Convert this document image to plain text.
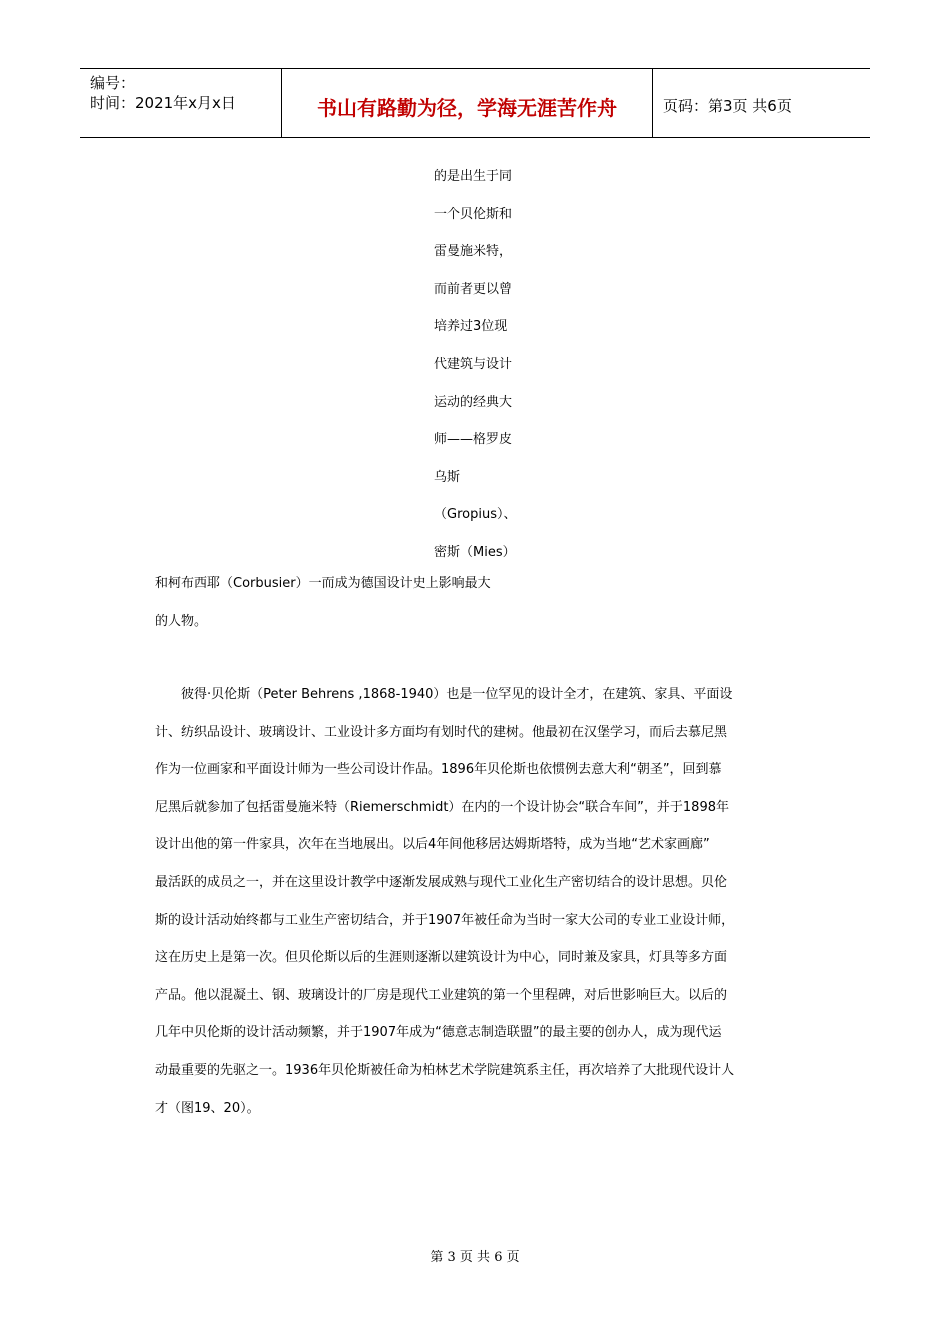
编号：
时间：2021年x月x日	书山有路勤为径，学海无涯苦作舟	页码：第3页 共6页
的是出生于同
一个贝伦斯和
雷曼施米特，
而前者更以曾
培养过3位现
代建筑与设计
运动的经典大
师——格罗皮
乌斯
（Gropius）、
密斯（Mies）
和柯布西耶（Corbusier）一而成为德国设计史上影响最大
的人物。
彼得·贝伦斯（Peter Behrens ,1868-1940）也是一位罕见的设计全才，在建筑、家具、平面设
计、纺织品设计、玻璃设计、工业设计多方面均有划时代的建树。他最初在汉堡学习，而后去慕尼黑
作为一位画家和平面设计师为一些公司设计作品。1896年贝伦斯也依惯例去意大利“朝圣”，回到慕
尼黑后就参加了包括雷曼施米特（Riemerschmidt）在内的一个设计协会“联合车间”，并于1898年
设计出他的第一件家具，次年在当地展出。以后4年间他移居达姆斯塔特，成为当地“艺术家画廊”
最活跃的成员之一，并在这里设计教学中逐渐发展成熟与现代工业化生产密切结合的设计思想。贝伦
斯的设计活动始终都与工业生产密切结合，并于1907年被任命为当时一家大公司的专业工业设计师，
这在历史上是第一次。但贝伦斯以后的生涯则逐渐以建筑设计为中心，同时兼及家具，灯具等多方面
产品。他以混凝土、钢、玻璃设计的厂房是现代工业建筑的第一个里程碑，对后世影响巨大。以后的
几年中贝伦斯的设计活动频繁，并于1907年成为“德意志制造联盟”的最主要的创办人，成为现代运
动最重要的先驱之一。1936年贝伦斯被任命为柏林艺术学院建筑系主任，再次培养了大批现代设计人
才（图19、20）。
第 3 页 共 6 页
